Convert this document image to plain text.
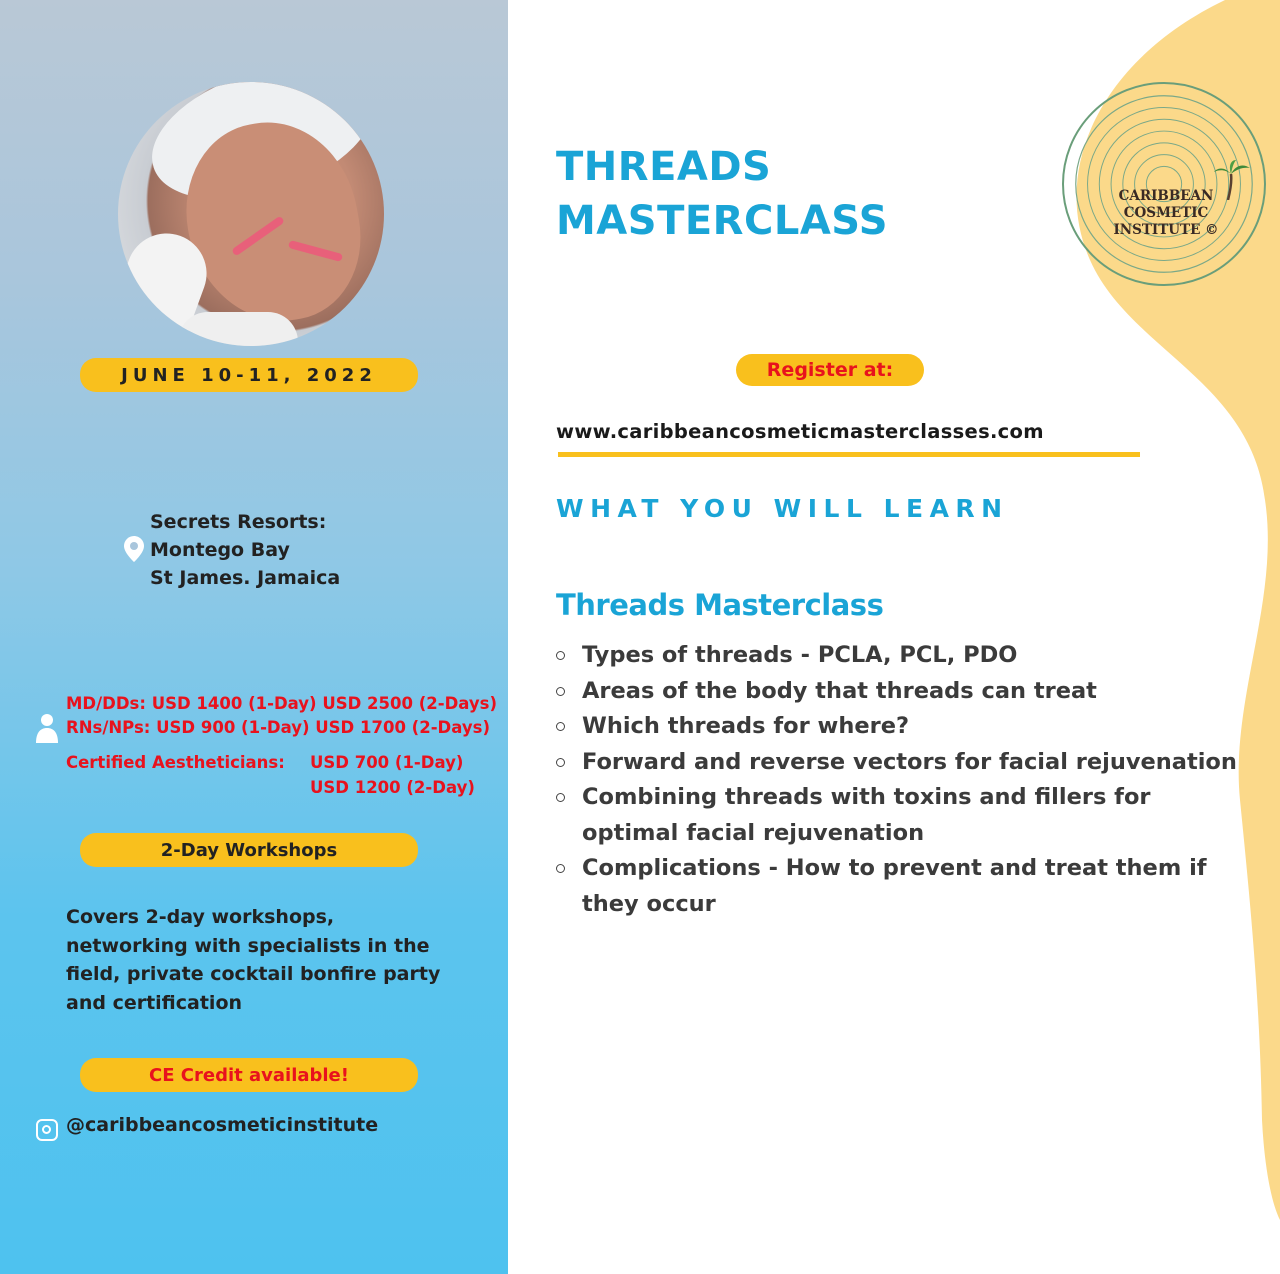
JUNE 10-11, 2022
Secrets Resorts:
Montego Bay
St James. Jamaica
MD/DDs: USD 1400 (1-Day) USD 2500 (2-Days)
RNs/NPs: USD 900 (1-Day) USD 1700 (2-Days)
Certified Aestheticians: USD 700 (1-Day)
USD 1200 (2-Day)
2-Day Workshops
Covers 2-day workshops, networking with specialists in the field, private cocktail bonfire party and certification
CE Credit available!
@caribbeancosmeticinstitute
CARIBBEAN COSMETIC
INSTITUTE ©
THREADS
MASTERCLASS
Register at:
www.caribbeancosmeticmasterclasses.com
WHAT YOU WILL LEARN
Threads Masterclass
Types of threads - PCLA, PCL, PDO
Areas of the body that threads can treat
Which threads for where?
Forward and reverse vectors for facial rejuvenation
Combining threads with toxins and fillers for optimal facial rejuvenation
Complications - How to prevent and treat them if they occur
